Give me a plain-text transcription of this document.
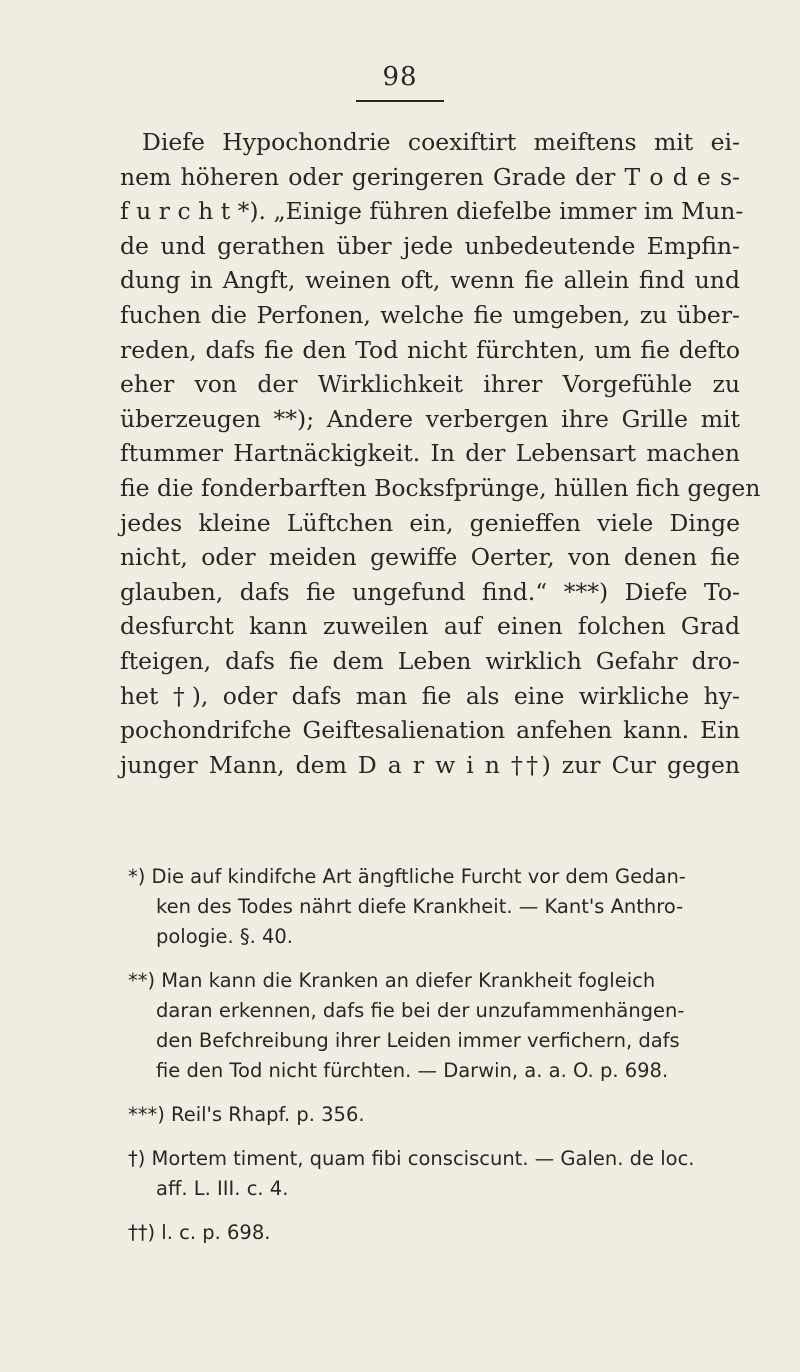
98
Diefe Hypochondrie coexiftirt meiftens mit ei-
nem höheren oder geringeren Grade der T o d e s-
f u r c h t *). „Einige führen diefelbe immer im Mun-
de und gerathen über jede unbedeutende Empfin-
dung in Angft, weinen oft, wenn fie allein find und
fuchen die Perfonen, welche fie umgeben, zu über-
reden, dafs fie den Tod nicht fürchten, um fie defto
eher von der Wirklichkeit ihrer Vorgefühle zu
überzeugen **); Andere verbergen ihre Grille mit
ftummer Hartnäckigkeit. In der Lebensart machen
fie die fonderbarften Bocksfprünge, hüllen fich gegen
jedes kleine Lüftchen ein, genieffen viele Dinge
nicht, oder meiden gewiffe Oerter, von denen fie
glauben, dafs fie ungefund find.“ ***) Diefe To-
desfurcht kann zuweilen auf einen folchen Grad
fteigen, dafs fie dem Leben wirklich Gefahr dro-
het †), oder dafs man fie als eine wirkliche hy-
pochondrifche Geiftesalienation anfehen kann. Ein
junger Mann, dem D a r w i n ††) zur Cur gegen
*) Die auf kindifche Art ängftliche Furcht vor dem Gedan-
ken des Todes nährt diefe Krankheit. — Kant's Anthro-
pologie. §. 40.
**) Man kann die Kranken an diefer Krankheit fogleich
daran erkennen, dafs fie bei der unzufammenhängen-
den Befchreibung ihrer Leiden immer verfichern, dafs
fie den Tod nicht fürchten. — Darwin, a. a. O. p. 698.
***) Reil's Rhapf. p. 356.
†) Mortem timent, quam fibi consciscunt. — Galen. de loc.
aff. L. III. c. 4.
††) l. c. p. 698.
